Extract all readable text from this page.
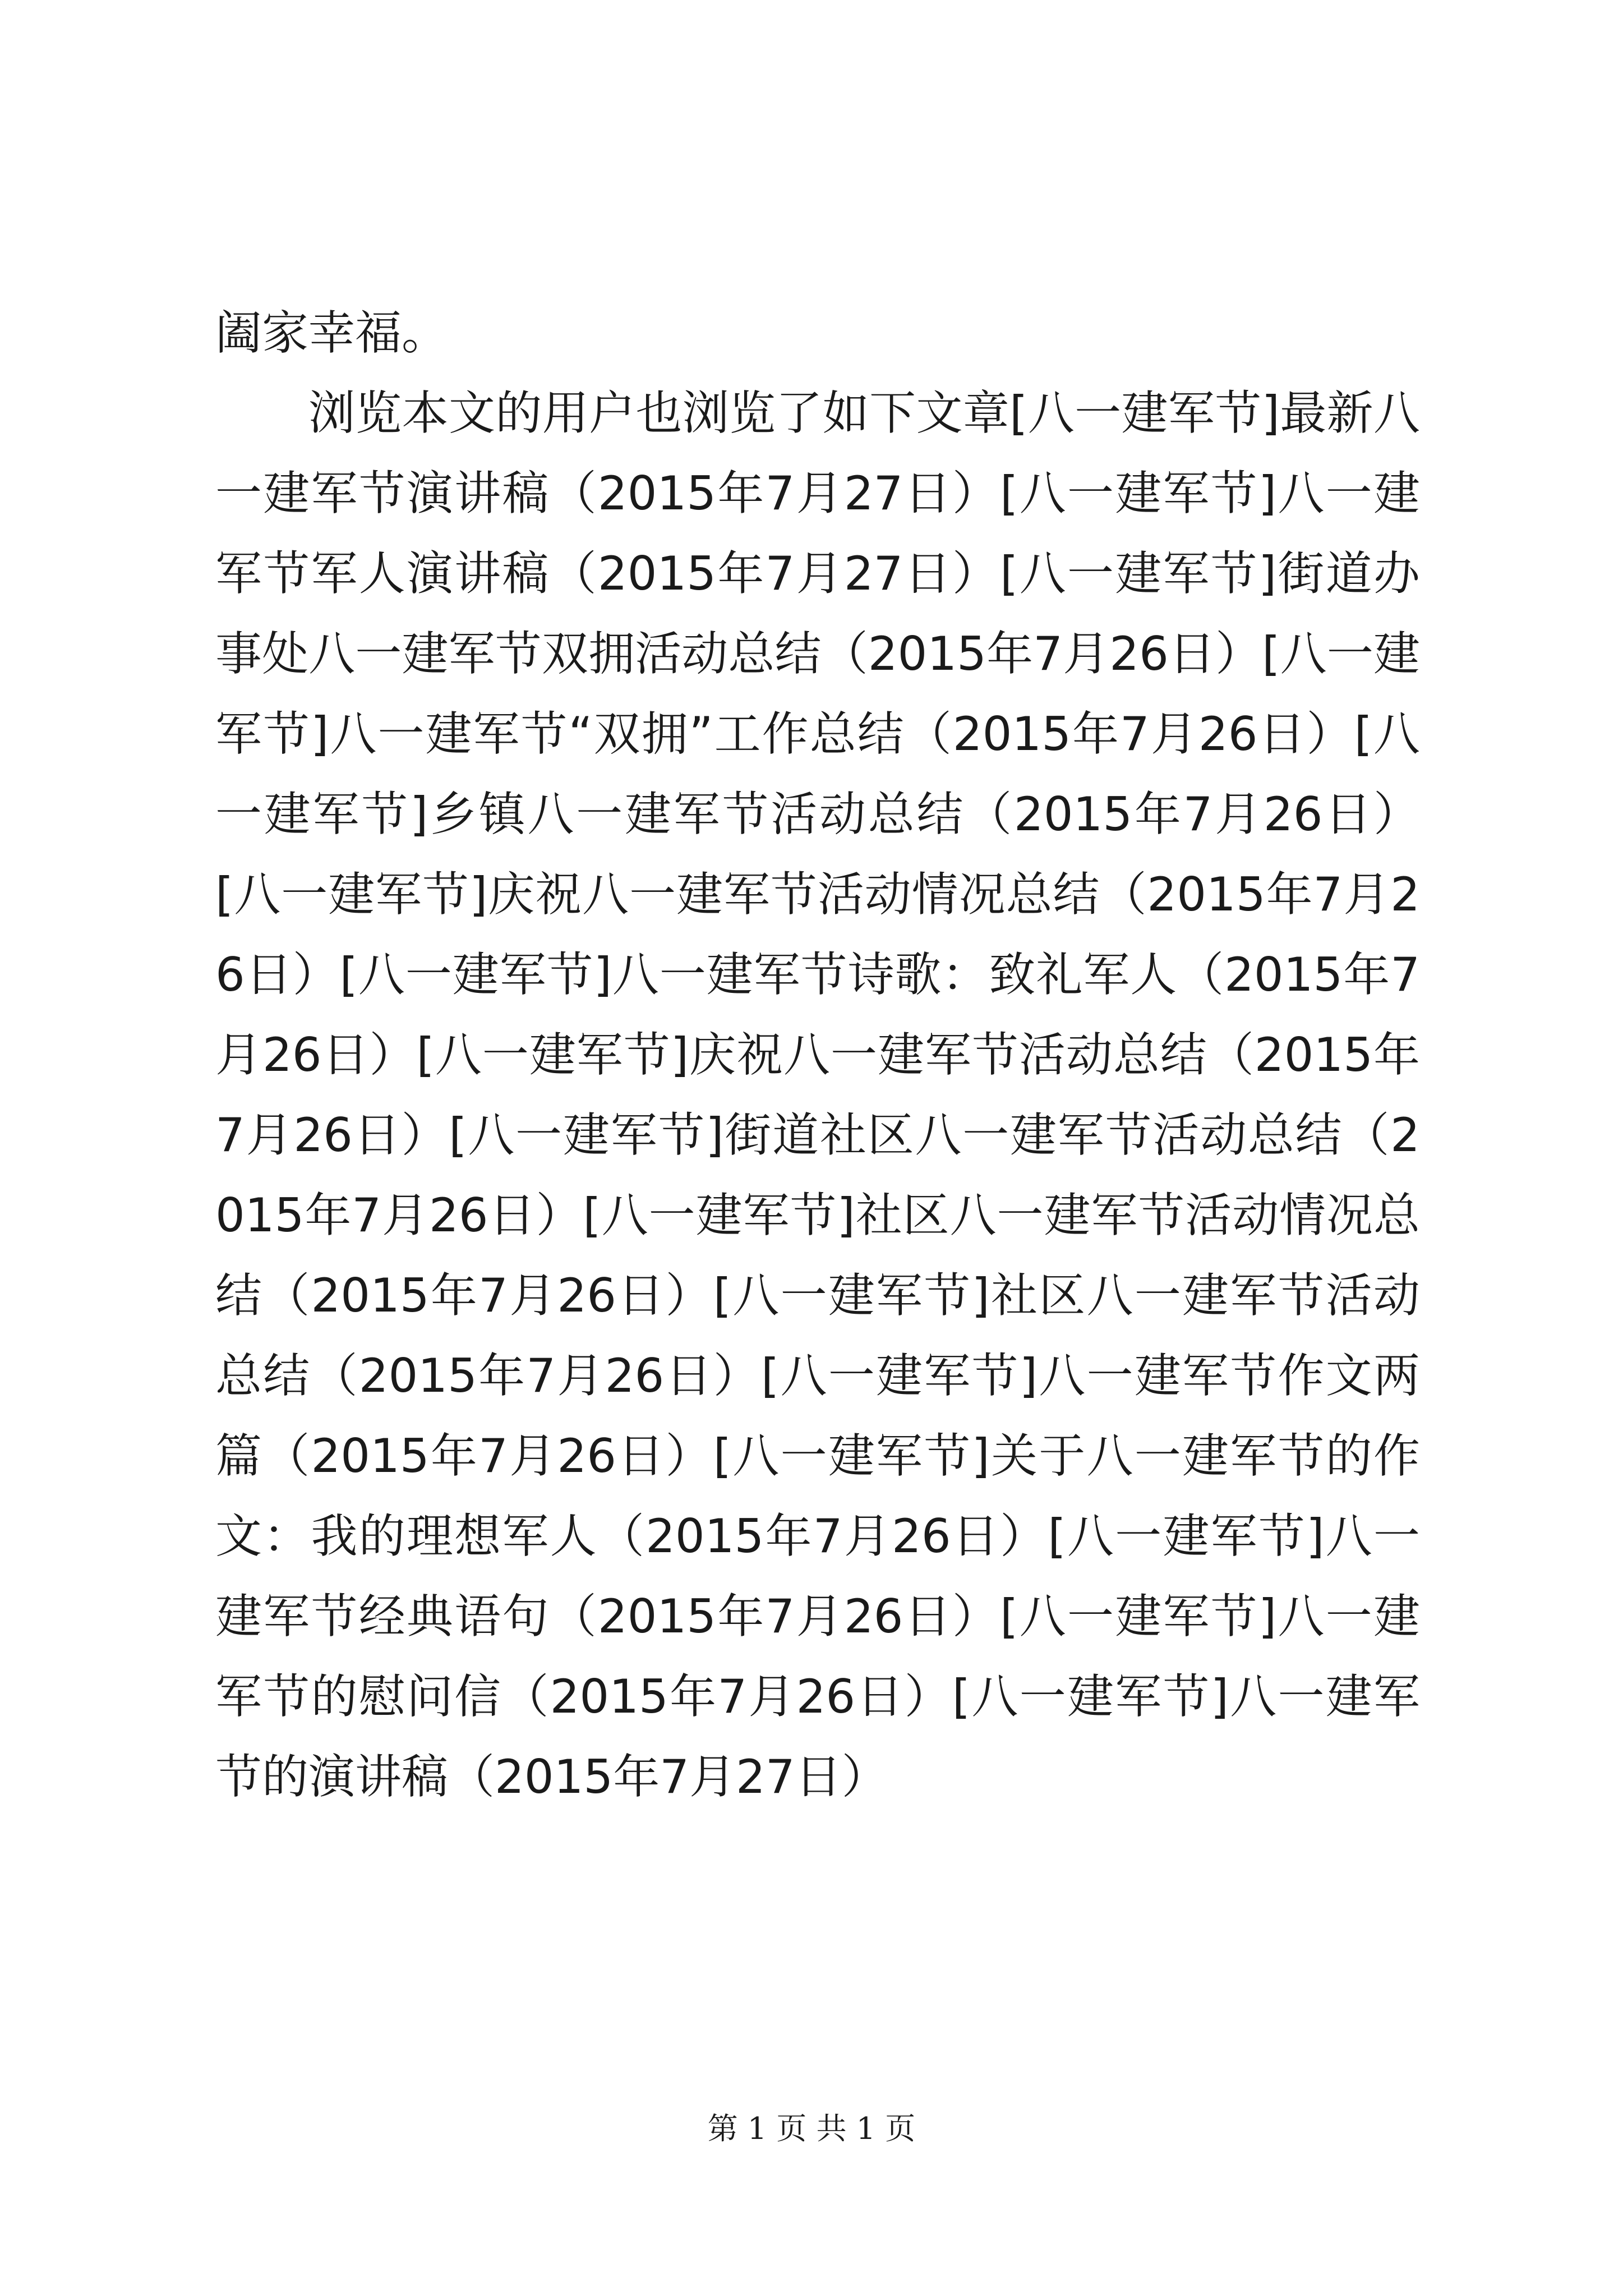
阖家幸福。

浏览本文的用户也浏览了如下文章[八一建军节]最新八一建军节演讲稿（2015年7月27日）[八一建军节]八一建军节军人演讲稿（2015年7月27日）[八一建军节]街道办事处八一建军节双拥活动总结（2015年7月26日）[八一建军节]八一建军节“双拥”工作总结（2015年7月26日）[八一建军节]乡镇八一建军节活动总结（2015年7月26日）[八一建军节]庆祝八一建军节活动情况总结（2015年7月26日）[八一建军节]八一建军节诗歌：致礼军人（2015年7月26日）[八一建军节]庆祝八一建军节活动总结（2015年7月26日）[八一建军节]街道社区八一建军节活动总结（2015年7月26日）[八一建军节]社区八一建军节活动情况总结（2015年7月26日）[八一建军节]社区八一建军节活动总结（2015年7月26日）[八一建军节]八一建军节作文两篇（2015年7月26日）[八一建军节]关于八一建军节的作文：我的理想军人（2015年7月26日）[八一建军节]八一建军节经典语句（2015年7月26日）[八一建军节]八一建军节的慰问信（2015年7月26日）[八一建军节]八一建军节的演讲稿（2015年7月27日）

第 1 页 共 1 页
